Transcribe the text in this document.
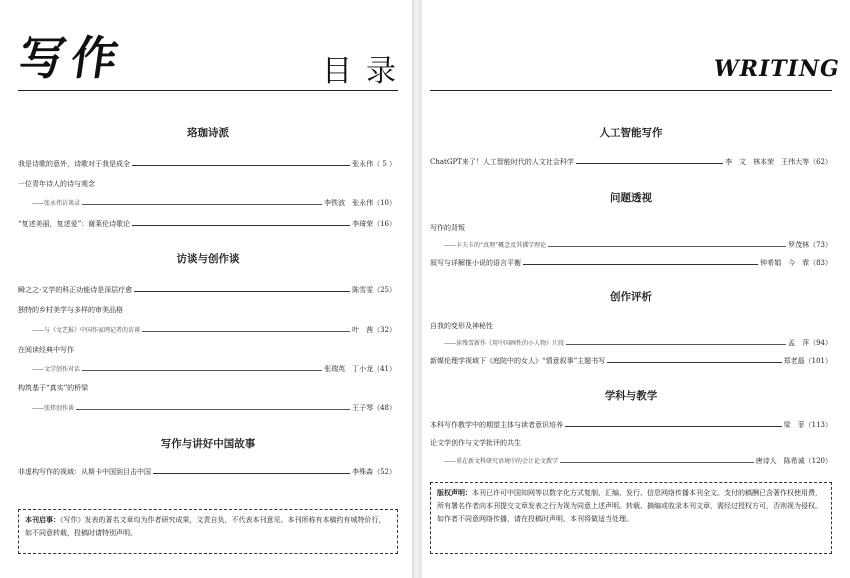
写作	目录
珞珈诗派
我是诗歌的意外，诗歌对于我是成全	张永伟（ 5 ）
一位青年诗人的诗与观念
——张永伟访谈录	李铁波　张永伟（10）
“复述美丽，复述爱”：谢莱伦诗歌论	李琦荣（16）
访谈与创作谈
瞬之之·文学的科正功能诗是深层疗愈	陈雪雯（25）
独特的乡村美学与多样的审美品格
——与《文艺报》中国作家网记者的访谈	叶　茜（32）
在阅读经典中写作
——文学创作对话	张瑞英　丁小龙（41）
构筑基于“真实”的桥梁
——张炜创作谈	王子琴（48）
写作与讲好中国故事
非虚构写作的视域：从斯卡中国到目击中国	李殊森（52）
本刊启事：《写作》发表的著名文章均为作者研究成果，文责自负，不代表本刊意见。本刊所称有本稿约有城特价行，如不同意转载，投稿时请特别声明。
WRITING
人工智能写作
ChatGPT来了！人工智能时代的人文社会科学	李　文　林本荣　王伟大等（62）
问题透视
写作的背叛
——卡夫卡的“真理”概念及其佛学理论	罗茂林（73）
叙写与详解推小说的语言平衡	钟希娟　今　霏（83）
创作评析
自我的变形及神秘性
——读残雪新作《用中国画性的小人物》片段	孟　萍（94）
新媒伦理学视域下《庭院中的女人》“情意叙事”主题书写	郑老磊（101）
学科与教学
本科写作教学中的期望主体与读者意识培养	梁　菲（113）
论文学创作与文学批评的共生
——重在新文科研究语境中的会计论文教学	唐诗人　陈希诚（120）
版权声明：本刊已许可中国知网等以数字化方式复制、汇编、发行、信息网络传播本刊全文。支付的稿酬已含著作权使用费，所有署名作者向本刊提交文章发表之行为视为同意上述声明。转载、摘编或收录本刊文章，需经过授权方可，否则视为侵权。如作者不同意网络传播，请在投稿时声明，本刊将做适当处理。
